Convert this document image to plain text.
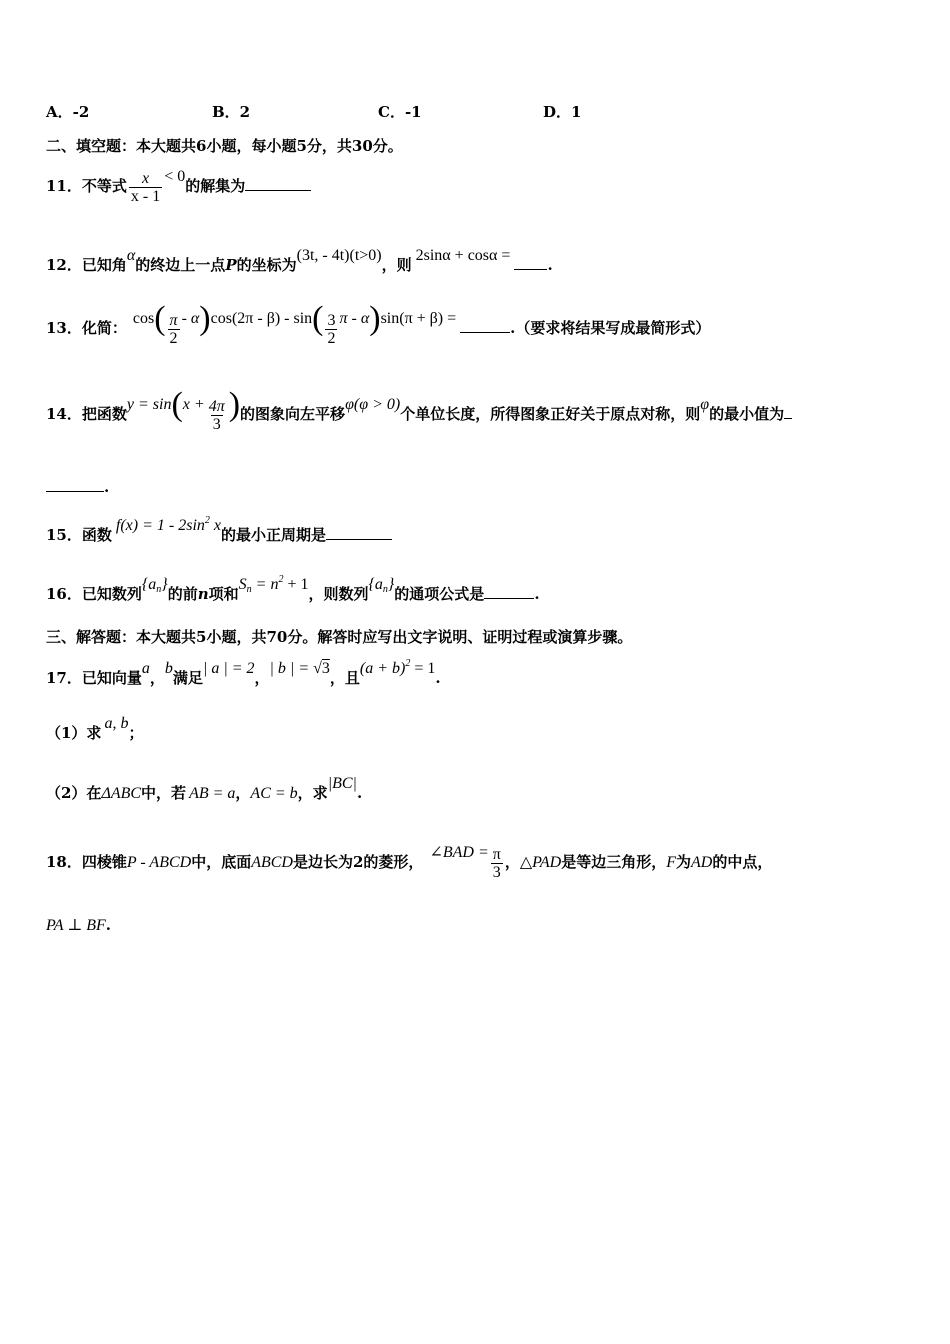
A．-2	B．2	C．-1	D．1
二、填空题：本大题共6小题，每小题5分，共30分。
11．不等式 $\frac{x}{x - 1} < 0$的解集为
12．已知角α的终边上一点P的坐标为(3t, - 4t)(t>0)，则2sinα + cosα =.
13．化简：$\cos( \frac{\pi}{2} - \alpha)\cos(2\pi - \beta) - \sin( \frac{3}{2}$ π - α)sin(π + β) =.（要求将结果写成最简形式）
14．把函数$y = \sin(x + \frac{4\pi}{3}$ )的图象向左平移φ(φ > 0)个单位长度，所得图象正好关于原点对称，则φ的最小值为
.
15．函数$f(x) = 1 - 2\sin^2$ x的最小正周期是
16．已知数列$\{a_n\}$的前n项和$S_n = n^2 + 1$，则数列$\{a_n\}$的通项公式是	.
三、解答题：本大题共5小题，共70分。解答时应写出文字说明、证明过程或演算步骤。
17．已知向量a，b满足| a | = 2，| b | = √3，且$(a + b)^2 = 1$.
（1）求a, b；
（2）在ΔABC中，若 AB = a，AC = b，求|BC|.
18．四棱锥P - ABCD中，底面ABCD是边长为2的菱形，∠BAD = $\frac{\pi}{3}$ ，△PAD是等边三角形，F为AD的中点，
PA ⊥ BF.
